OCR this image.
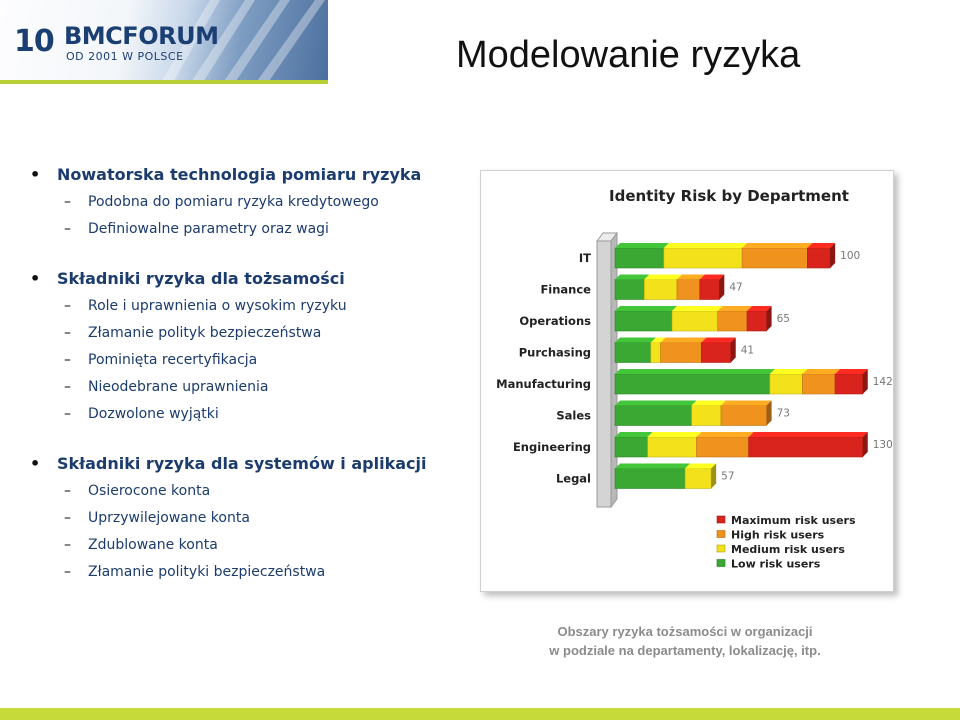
10 BMCFORUM
OD 2001 W POLSCE	Modelowanie ryzyka
•	Nowatorska technologia pomiaru ryzyka
–	Podobna do pomiaru ryzyka kredytowego
–	Definiowalne parametry oraz wagi
•	Składniki ryzyka dla tożsamości
–	Role i uprawnienia o wysokim ryzyku
–	Złamanie polityk bezpieczeństwa
–	Pominięta recertyfikacja
–	Nieodebrane uprawnienia
–	Dozwolone wyjątki
•	Składniki ryzyka dla systemów i aplikacji
–	Osierocone konta
–	Uprzywilejowane konta
–	Zdublowane konta
–	Złamanie polityki bezpieczeństwa
Identity Risk by Department
IT	100
Finance	47
Operations	65
Purchasing	41
Manufacturing	142
Sales	73
Engineering	130
Legal	57
Maximum risk users
High risk users
Medium risk users
Low risk users
Obszary ryzyka tożsamości w organizacji
w podziale na departamenty, lokalizację, itp.
